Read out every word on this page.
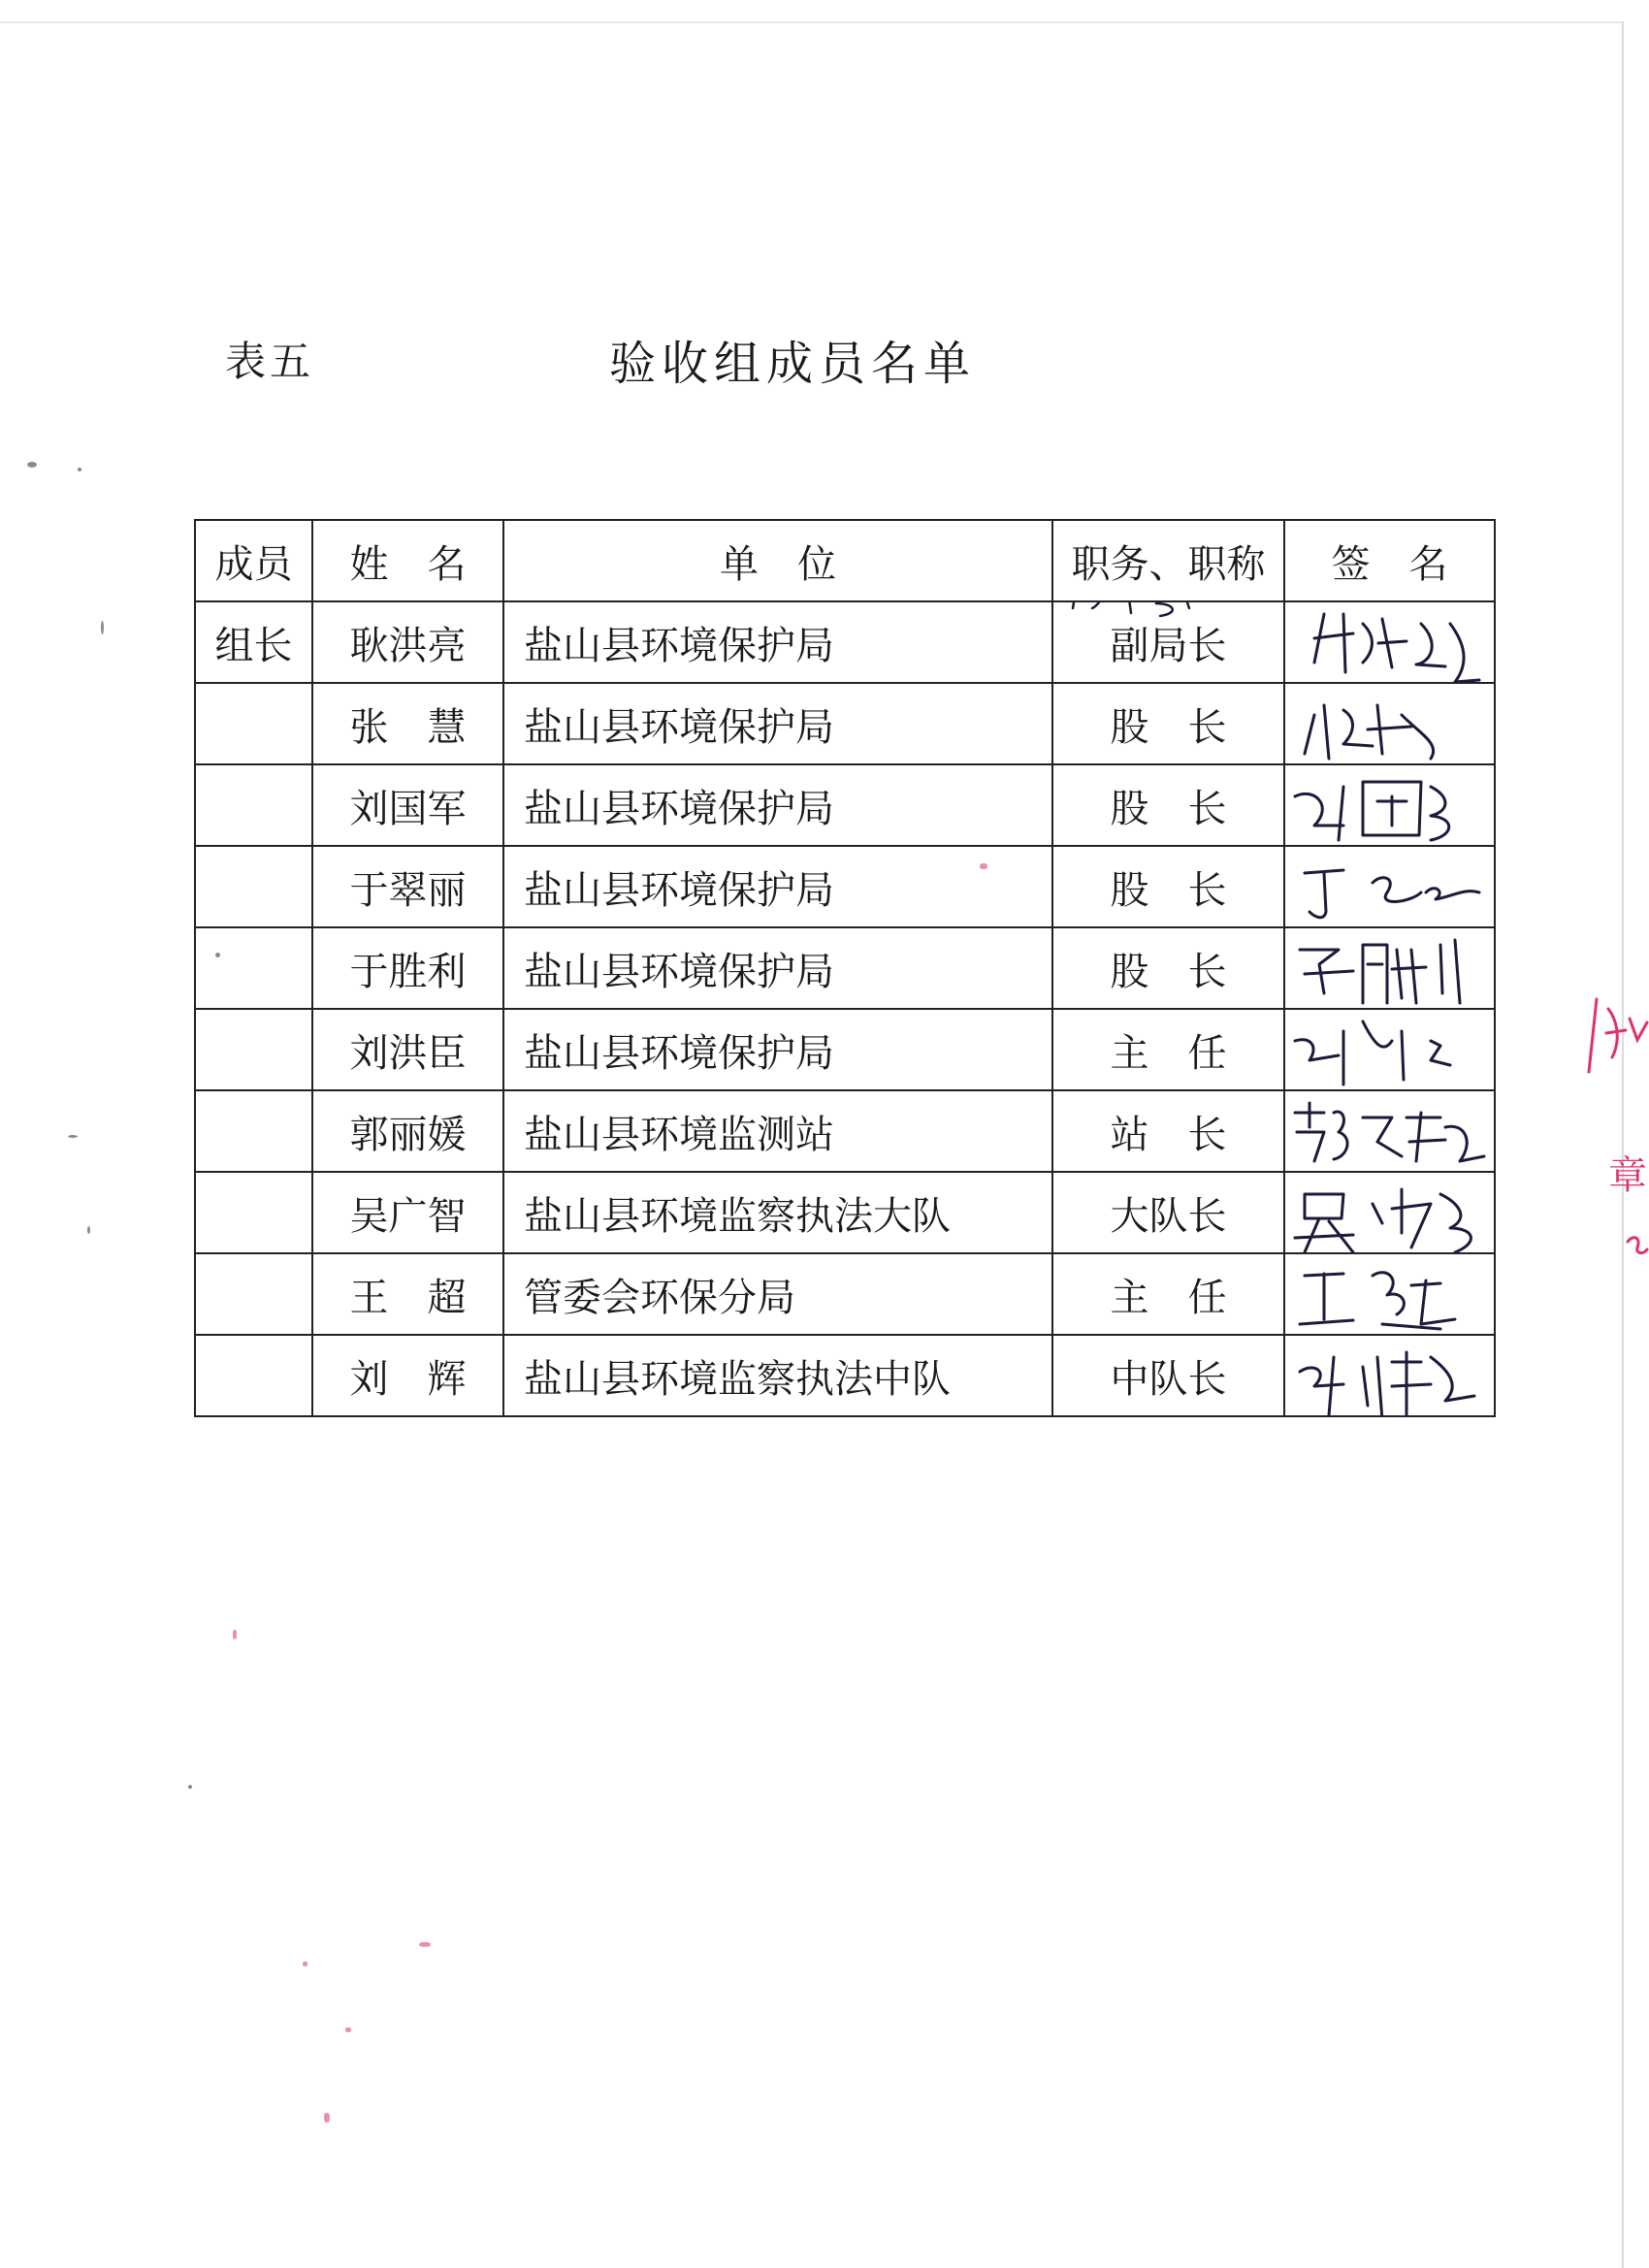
表五	验收组成员名单
成员	姓　名	单　位	职务、职称	签　名
组长	耿洪亮	盐山县环境保护局	副局长

	张　慧	盐山县环境保护局	股　长	

	刘国军	盐山县环境保护局	股　长	

	于翠丽	盐山县环境保护局	股　长	

	于胜利	盐山县环境保护局	股　长	

	刘洪臣	盐山县环境保护局	主　任	

	郭丽媛	盐山县环境监测站	站　长	

	吴广智	盐山县环境监察执法大队	大队长	

	王　超	管委会环保分局	主　任	

	刘　辉	盐山县环境监察执法中队	中队长	
章
